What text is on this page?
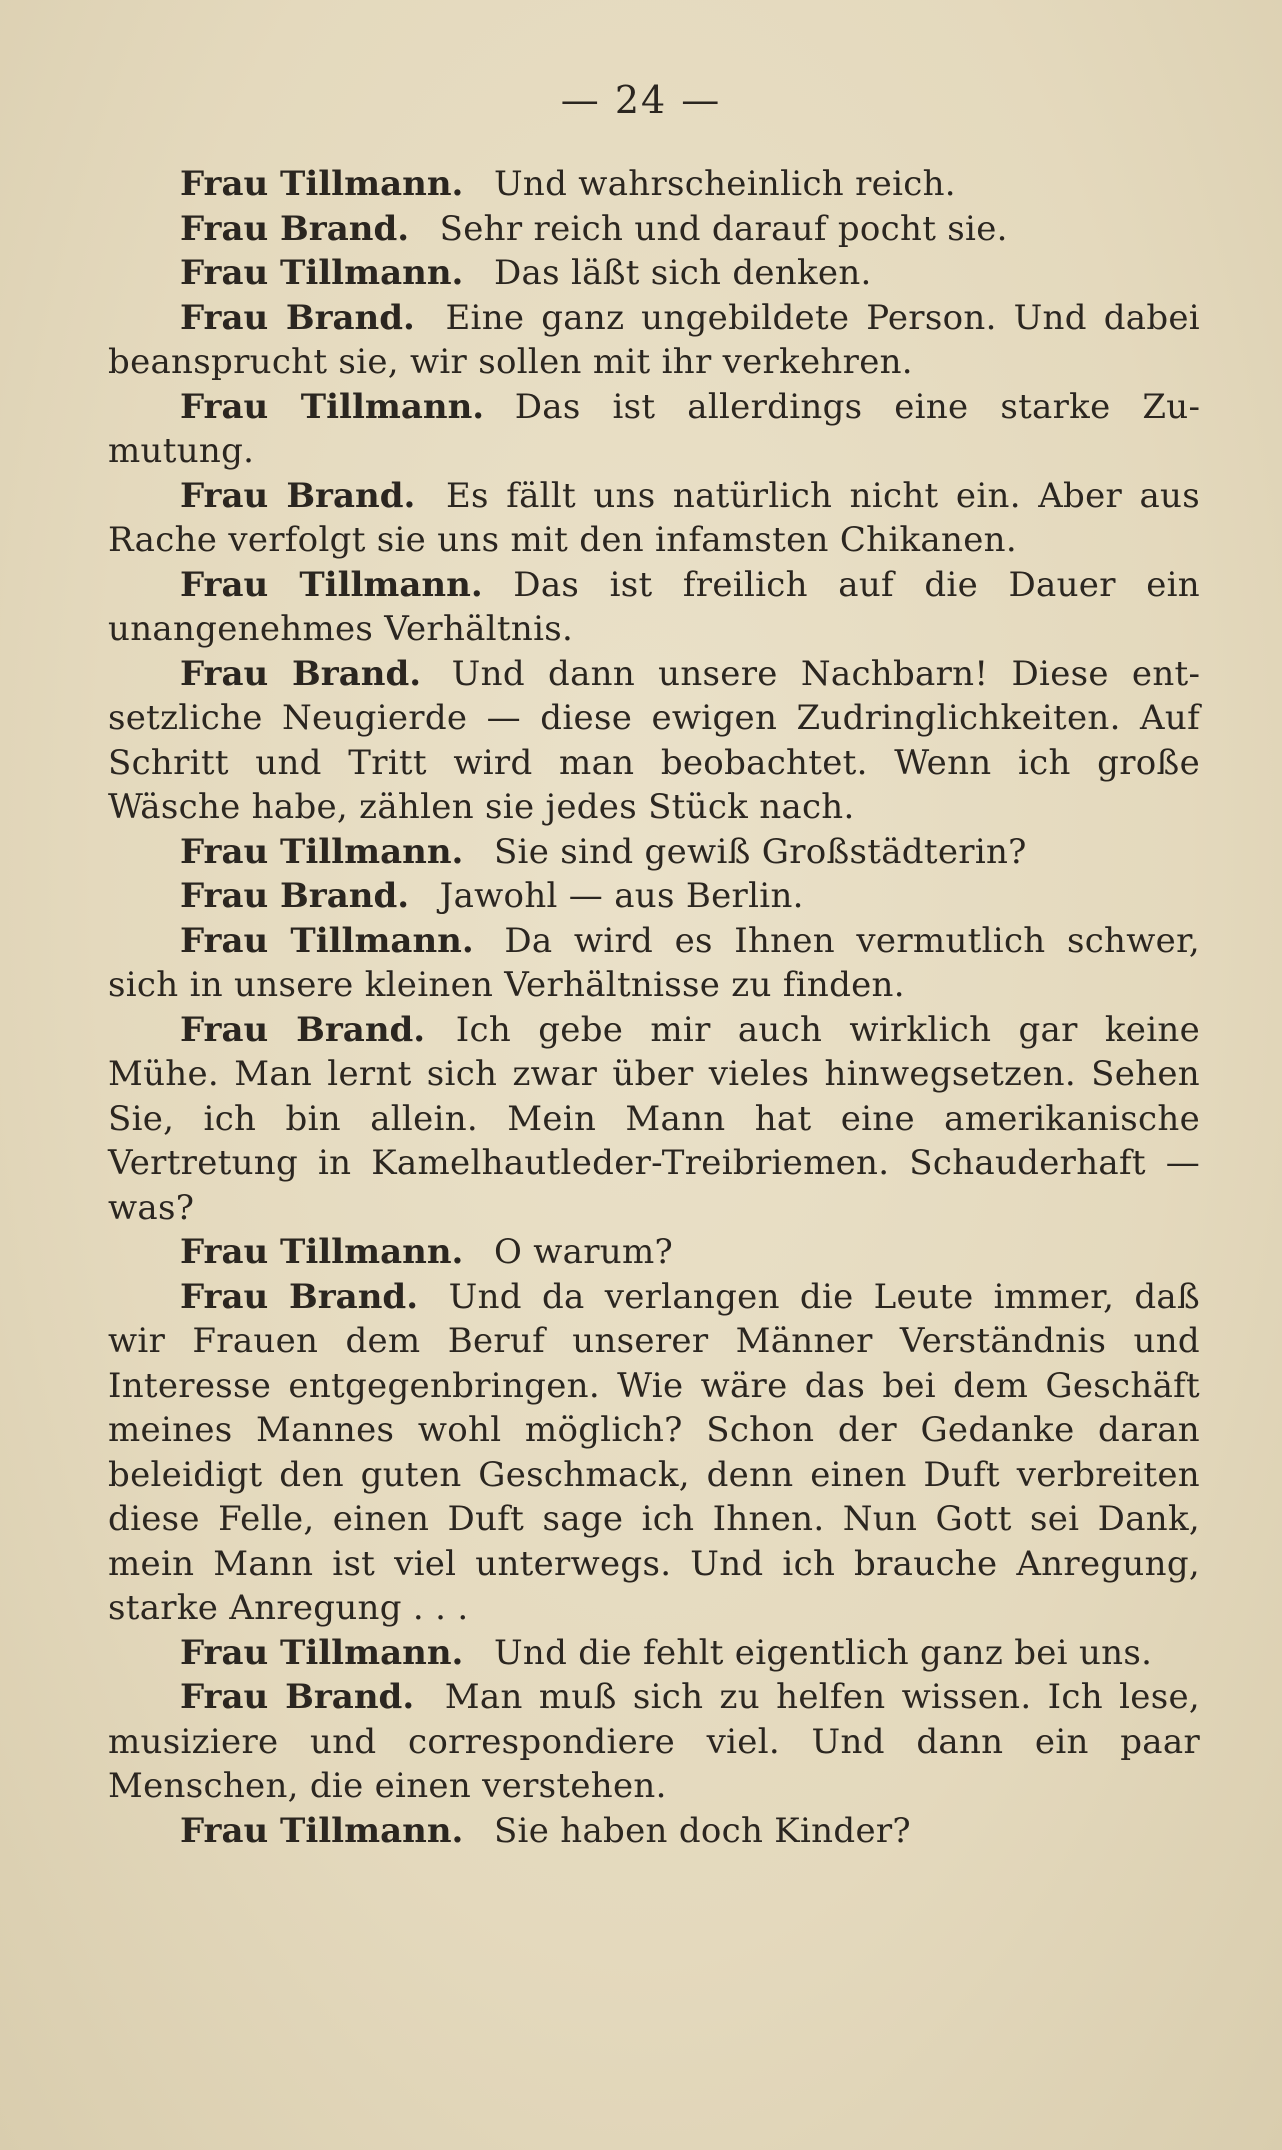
— 24 —

Frau Tillmann. Und wahrscheinlich reich.

Frau Brand. Sehr reich und darauf pocht sie.

Frau Tillmann. Das läßt sich denken.

Frau Brand. Eine ganz ungebildete Person. Und dabei beansprucht sie, wir sollen mit ihr verkehren.

Frau Tillmann. Das ist allerdings eine starke Zumutung.

Frau Brand. Es fällt uns natürlich nicht ein. Aber aus Rache verfolgt sie uns mit den infamsten Chikanen.

Frau Tillmann. Das ist freilich auf die Dauer ein unangenehmes Verhältnis.

Frau Brand. Und dann unsere Nachbarn! Diese entsetzliche Neugierde — diese ewigen Zudringlichkeiten. Auf Schritt und Tritt wird man beobachtet. Wenn ich große Wäsche habe, zählen sie jedes Stück nach.

Frau Tillmann. Sie sind gewiß Großstädterin?

Frau Brand. Jawohl — aus Berlin.

Frau Tillmann. Da wird es Ihnen vermutlich schwer, sich in unsere kleinen Verhältnisse zu finden.

Frau Brand. Ich gebe mir auch wirklich gar keine Mühe. Man lernt sich zwar über vieles hinwegsetzen. Sehen Sie, ich bin allein. Mein Mann hat eine amerikanische Vertretung in Kamelhautleder-Treibriemen. Schauderhaft — was?

Frau Tillmann. O warum?

Frau Brand. Und da verlangen die Leute immer, daß wir Frauen dem Beruf unserer Männer Verständnis und Interesse entgegenbringen. Wie wäre das bei dem Geschäft meines Mannes wohl möglich? Schon der Gedanke daran beleidigt den guten Geschmack, denn einen Duft verbreiten diese Felle, einen Duft sage ich Ihnen. Nun Gott sei Dank, mein Mann ist viel unterwegs. Und ich brauche Anregung, starke Anregung . . .

Frau Tillmann. Und die fehlt eigentlich ganz bei uns.

Frau Brand. Man muß sich zu helfen wissen. Ich lese, musiziere und correspondiere viel. Und dann ein paar Menschen, die einen verstehen.

Frau Tillmann. Sie haben doch Kinder?
